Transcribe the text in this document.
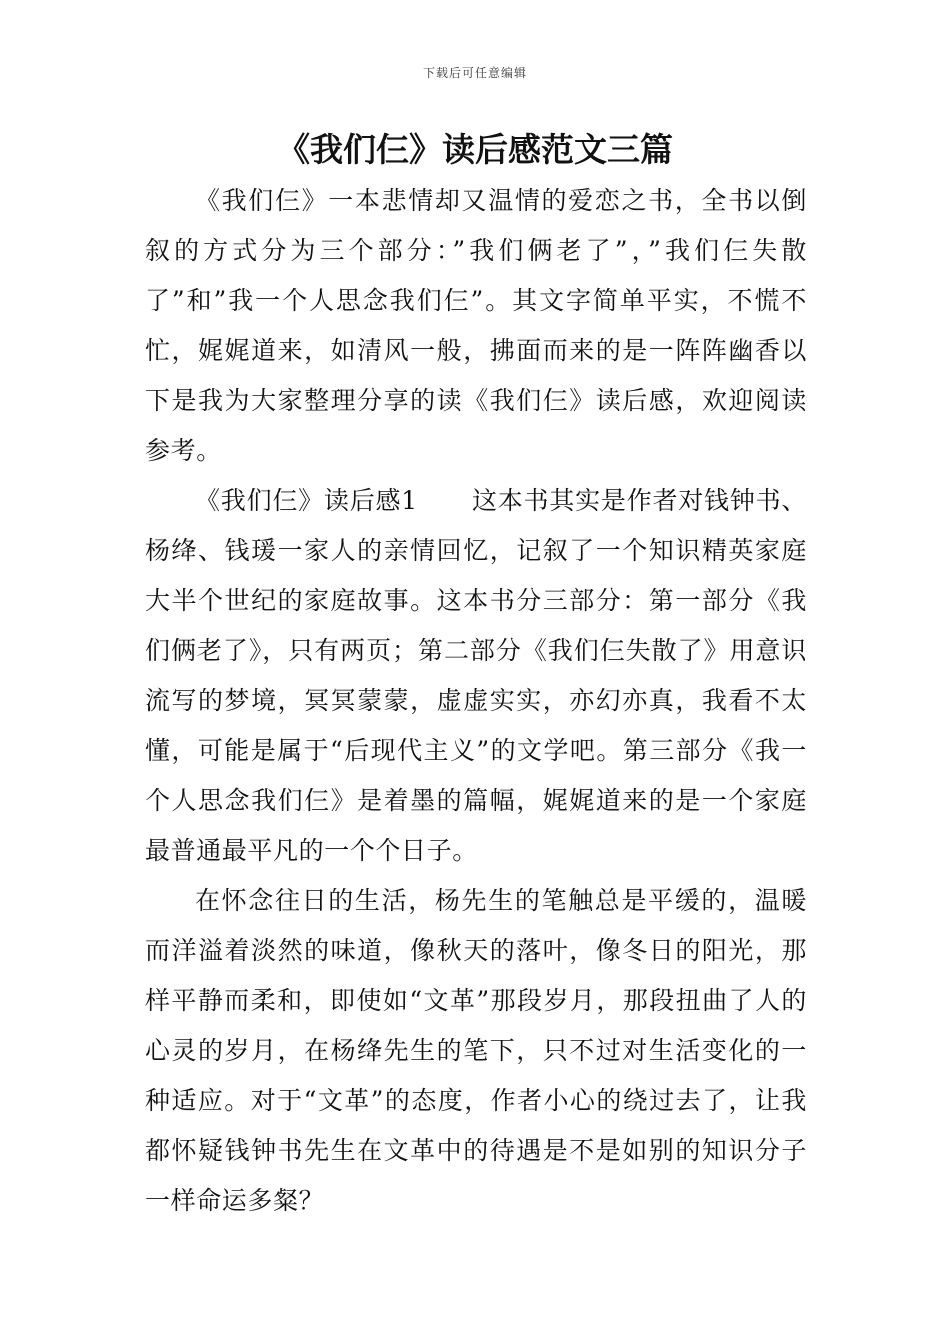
下载后可任意编辑
《我们仨》读后感范文三篇

《我们仨》一本悲情却又温情的爱恋之书，全书以倒叙的方式分为三个部分：”我们俩老了”，”我们仨失散了”和”我一个人思念我们仨”。其文字简单平实，不慌不忙，娓娓道来，如清风一般，拂面而来的是一阵阵幽香以下是我为大家整理分享的读《我们仨》读后感，欢迎阅读参考。

《我们仨》读后感1 这本书其实是作者对钱钟书、杨绛、钱瑗一家人的亲情回忆，记叙了一个知识精英家庭大半个世纪的家庭故事。这本书分三部分：第一部分《我们俩老了》，只有两页；第二部分《我们仨失散了》用意识流写的梦境，冥冥蒙蒙，虚虚实实，亦幻亦真，我看不太懂，可能是属于“后现代主义”的文学吧。第三部分《我一个人思念我们仨》是着墨的篇幅，娓娓道来的是一个家庭最普通最平凡的一个个日子。

在怀念往日的生活，杨先生的笔触总是平缓的，温暖而洋溢着淡然的味道，像秋天的落叶，像冬日的阳光，那样平静而柔和，即使如“文革”那段岁月，那段扭曲了人的心灵的岁月，在杨绛先生的笔下，只不过对生活变化的一种适应。对于“文革”的态度，作者小心的绕过去了，让我都怀疑钱钟书先生在文革中的待遇是不是如别的知识分子一样命运多粲？
